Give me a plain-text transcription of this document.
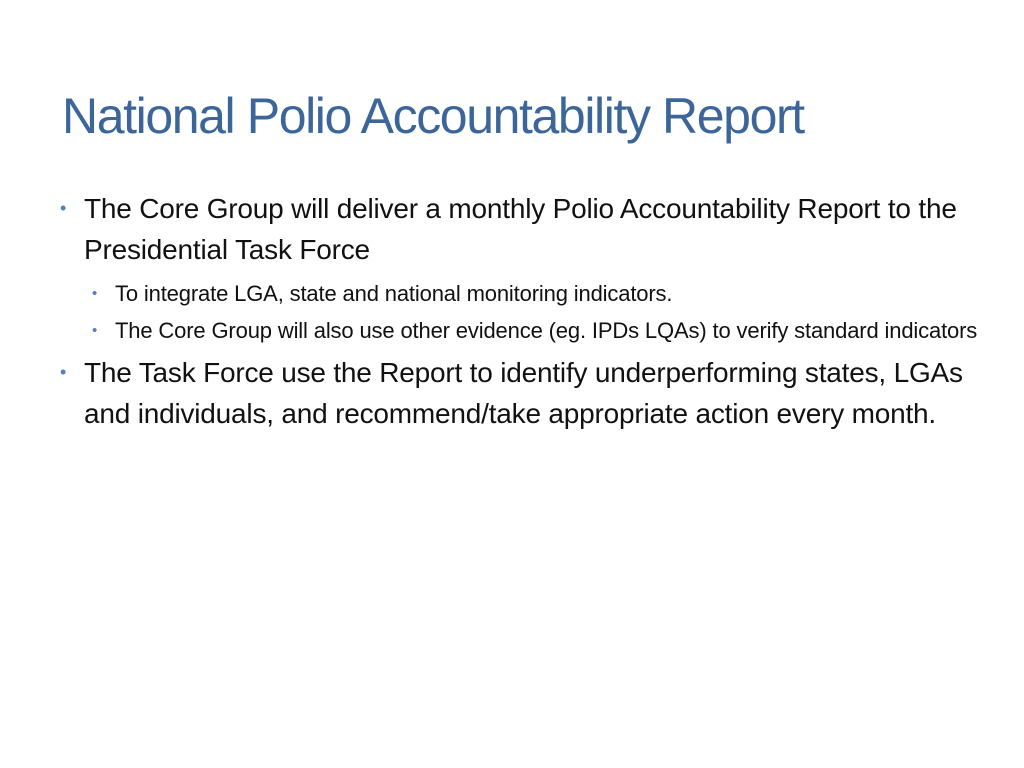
National Polio Accountability Report
• The Core Group will deliver a monthly Polio Accountability Report to the Presidential Task Force
• To integrate LGA, state and national monitoring indicators.
• The Core Group will also use other evidence (eg. IPDs LQAs) to verify standard indicators
• The Task Force use the Report to identify underperforming states, LGAs and individuals, and recommend/take appropriate action every month.
